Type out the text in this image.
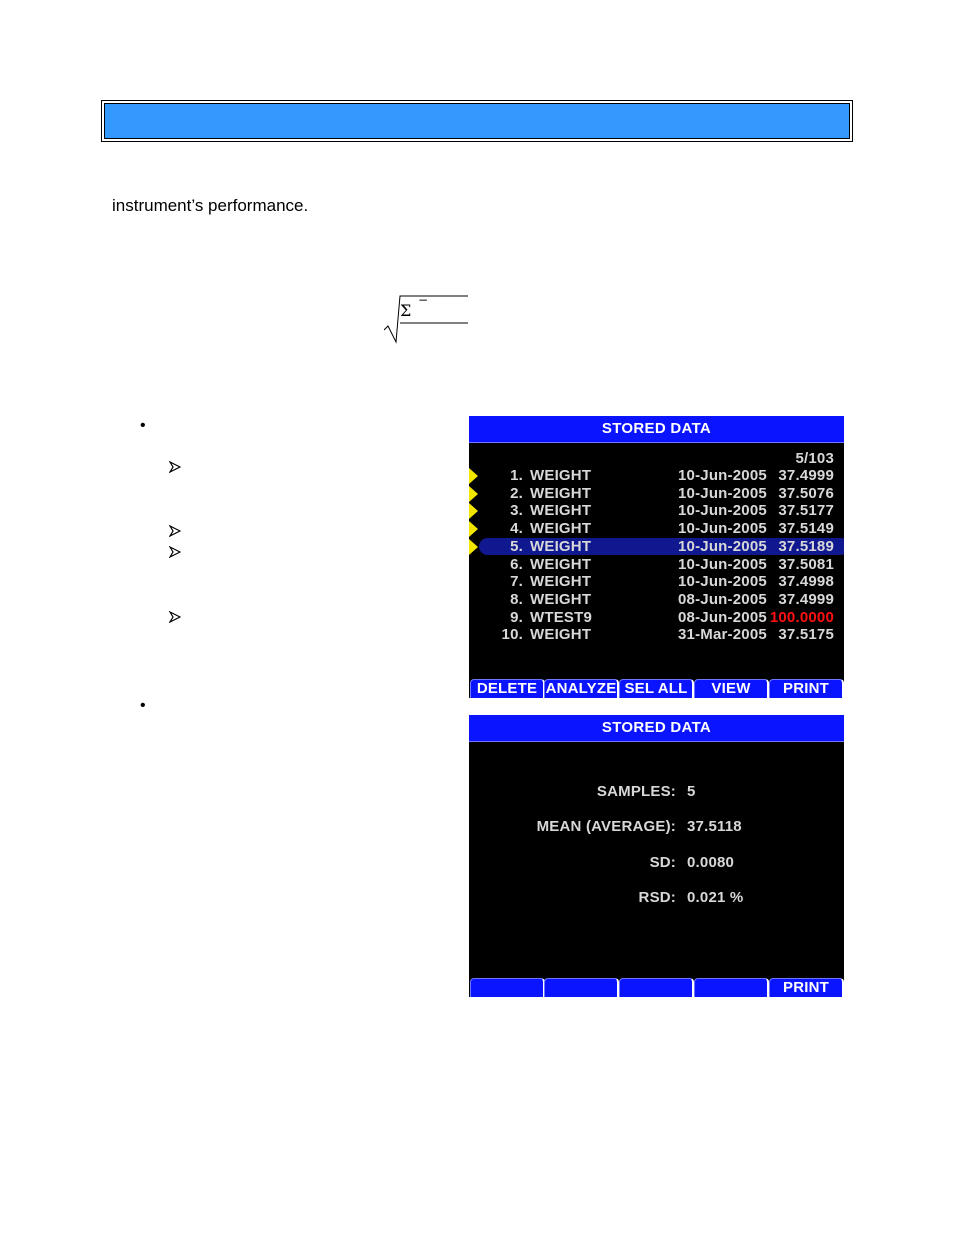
instrument’s performance.
Σ
−
•
•
STORED DATA
5/103
1. WEIGHT	10-Jun-2005 37.4999
2. WEIGHT	10-Jun-2005 37.5076
3. WEIGHT	10-Jun-2005 37.5177
4. WEIGHT	10-Jun-2005 37.5149
5. WEIGHT	10-Jun-2005 37.5189
6. WEIGHT	10-Jun-2005 37.5081
7. WEIGHT	10-Jun-2005 37.4998
8. WEIGHT	08-Jun-2005 37.4999
9. WTEST9	08-Jun-2005 100.0000
10. WEIGHT	31-Mar-2005 37.5175
DELETE ANALYZE SEL ALL	VIEW	PRINT
STORED DATA
SAMPLES: 5
MEAN (AVERAGE): 37.5118
SD: 0.0080
RSD: 0.021 %
PRINT
